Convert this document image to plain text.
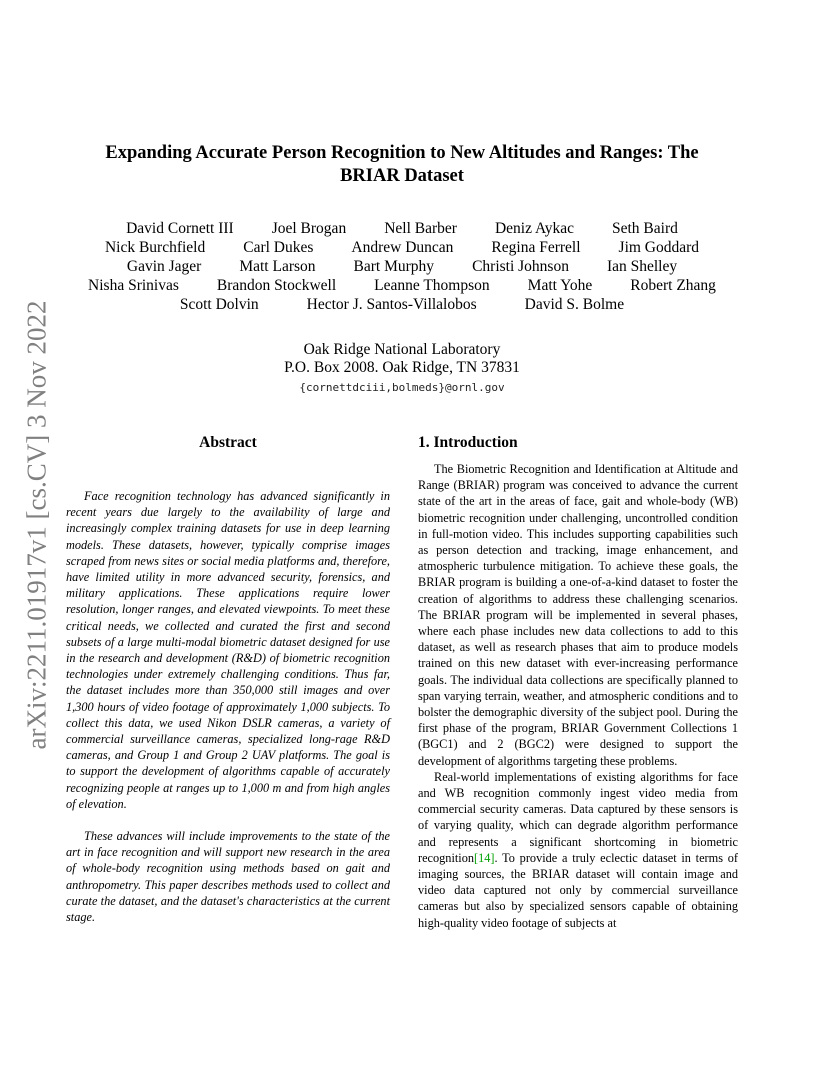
arXiv:2211.01917v1 [cs.CV] 3 Nov 2022
Expanding Accurate Person Recognition to New Altitudes and Ranges: The
BRIAR Dataset
David Cornett III Joel Brogan Nell Barber Deniz Aykac Seth Baird
Nick Burchfield Carl Dukes Andrew Duncan Regina Ferrell Jim Goddard
Gavin Jager Matt Larson Bart Murphy Christi Johnson Ian Shelley
Nisha Srinivas Brandon Stockwell Leanne Thompson Matt Yohe Robert Zhang
Scott Dolvin	Hector J. Santos-Villalobos	David S. Bolme
Oak Ridge National Laboratory
P.O. Box 2008. Oak Ridge, TN 37831
{cornettdciii,bolmeds}@ornl.gov
Abstract

Face recognition technology has advanced significantly in recent years due largely to the availability of large and increasingly complex training datasets for use in deep learning models. These datasets, however, typically comprise images scraped from news sites or social media platforms and, therefore, have limited utility in more advanced security, forensics, and military applications. These applications require lower resolution, longer ranges, and elevated viewpoints. To meet these critical needs, we collected and curated the first and second subsets of a large multi-modal biometric dataset designed for use in the research and development (R&D) of biometric recognition technologies under extremely challenging conditions. Thus far, the dataset includes more than 350,000 still images and over 1,300 hours of video footage of approximately 1,000 subjects. To collect this data, we used Nikon DSLR cameras, a variety of commercial surveillance cameras, specialized long-rage R&D cameras, and Group 1 and Group 2 UAV platforms. The goal is to support the development of algorithms capable of accurately recognizing people at ranges up to 1,000 m and from high angles of elevation.

These advances will include improvements to the state of the art in face recognition and will support new research in the area of whole-body recognition using methods based on gait and anthropometry. This paper describes methods used to collect and curate the dataset, and the dataset's characteristics at the current stage.

1. Introduction

The Biometric Recognition and Identification at Altitude and Range (BRIAR) program was conceived to advance the current state of the art in the areas of face, gait and whole-body (WB) biometric recognition under challenging, uncontrolled condition in full-motion video. This includes supporting capabilities such as person detection and tracking, image enhancement, and atmospheric turbulence mitigation. To achieve these goals, the BRIAR program is building a one-of-a-kind dataset to foster the creation of algorithms to address these challenging scenarios. The BRIAR program will be implemented in several phases, where each phase includes new data collections to add to this dataset, as well as research phases that aim to produce models trained on this new dataset with ever-increasing performance goals. The individual data collections are specifically planned to span varying terrain, weather, and atmospheric conditions and to bolster the demographic diversity of the subject pool. During the first phase of the program, BRIAR Government Collections 1 (BGC1) and 2 (BGC2) were designed to support the development of algorithms targeting these problems.

Real-world implementations of existing algorithms for face and WB recognition commonly ingest video media from commercial security cameras. Data captured by these sensors is of varying quality, which can degrade algorithm performance and represents a significant shortcoming in biometric recognition[14]. To provide a truly eclectic dataset in terms of imaging sources, the BRIAR dataset will contain image and video data captured not only by commercial surveillance cameras but also by specialized sensors capable of obtaining high-quality video footage of subjects at
